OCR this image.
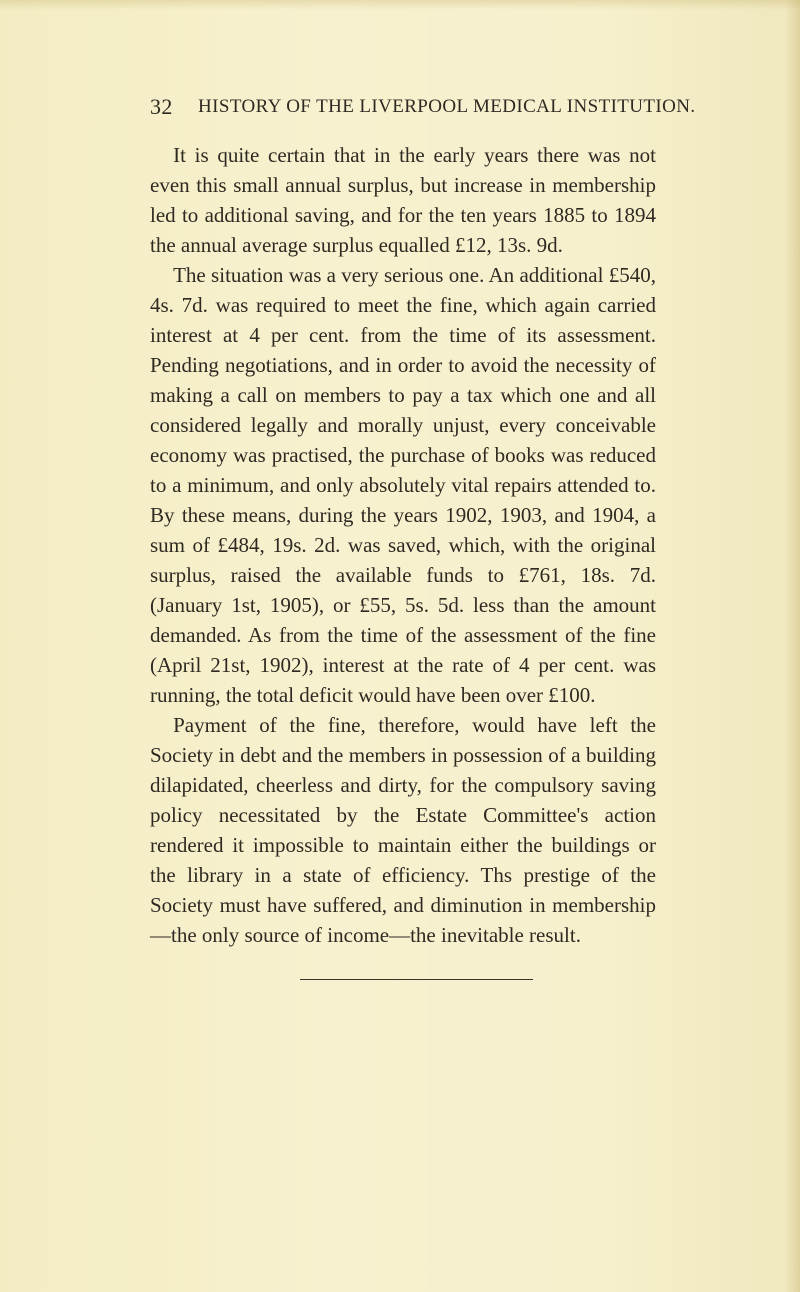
32 HISTORY OF THE LIVERPOOL MEDICAL INSTITUTION.

It is quite certain that in the early years there was not even this small annual surplus, but increase in membership led to additional saving, and for the ten years 1885 to 1894 the annual average surplus equalled £12, 13s. 9d.

The situation was a very serious one. An additional £540, 4s. 7d. was required to meet the fine, which again carried interest at 4 per cent. from the time of its assessment. Pending negotiations, and in order to avoid the necessity of making a call on members to pay a tax which one and all considered legally and morally unjust, every conceivable economy was practised, the purchase of books was reduced to a minimum, and only absolutely vital repairs attended to. By these means, during the years 1902, 1903, and 1904, a sum of £484, 19s. 2d. was saved, which, with the original surplus, raised the available funds to £761, 18s. 7d. (January 1st, 1905), or £55, 5s. 5d. less than the amount demanded. As from the time of the assessment of the fine (April 21st, 1902), interest at the rate of 4 per cent. was running, the total deficit would have been over £100.

Payment of the fine, therefore, would have left the Society in debt and the members in possession of a building dilapidated, cheerless and dirty, for the compulsory saving policy necessitated by the Estate Committee's action rendered it impossible to maintain either the buildings or the library in a state of efficiency. Ths prestige of the Society must have suffered, and diminution in membership—the only source of income—the inevitable result.
